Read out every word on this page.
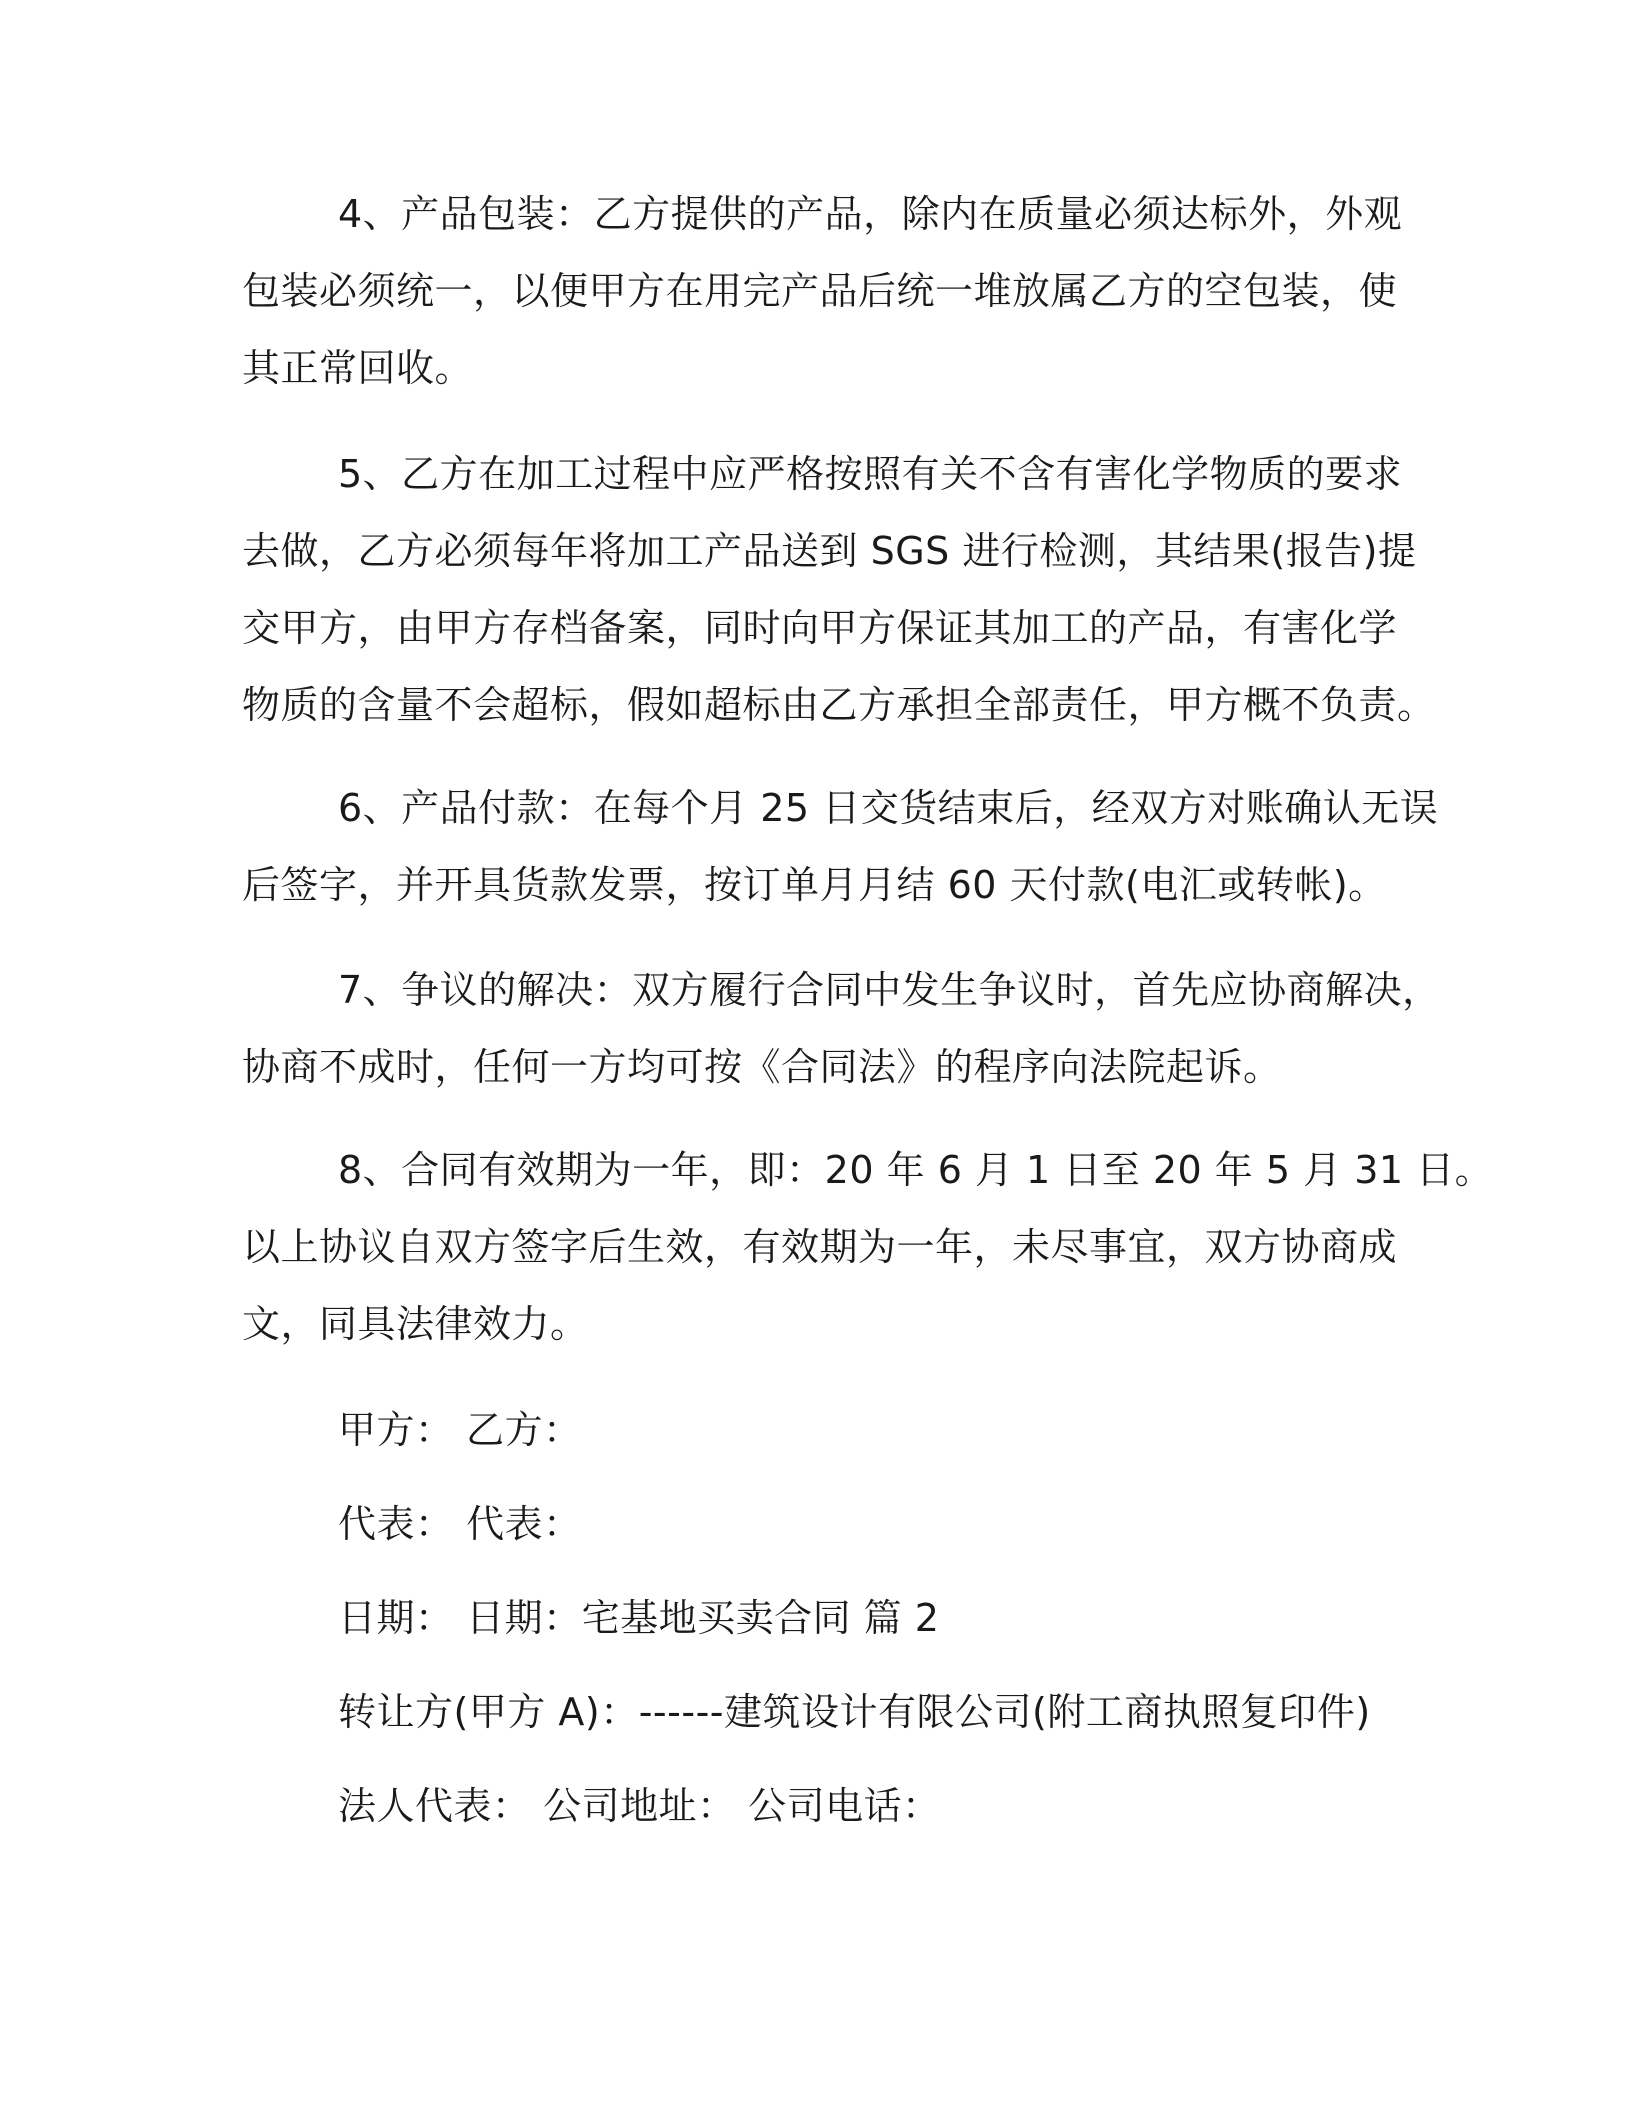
4、产品包装：乙方提供的产品，除内在质量必须达标外，外观
包装必须统一，以便甲方在用完产品后统一堆放属乙方的空包装，使
其正常回收。
5、乙方在加工过程中应严格按照有关不含有害化学物质的要求
去做，乙方必须每年将加工产品送到 SGS 进行检测，其结果(报告)提
交甲方，由甲方存档备案，同时向甲方保证其加工的产品，有害化学
物质的含量不会超标，假如超标由乙方承担全部责任，甲方概不负责。
6、产品付款：在每个月 25 日交货结束后，经双方对账确认无误
后签字，并开具货款发票，按订单月月结 60 天付款(电汇或转帐)。
7、争议的解决：双方履行合同中发生争议时，首先应协商解决，
协商不成时，任何一方均可按《合同法》的程序向法院起诉。
8、合同有效期为一年，即：20 年 6 月 1 日至 20 年 5 月 31 日。
以上协议自双方签字后生效，有效期为一年，未尽事宜，双方协商成
文，同具法律效力。
甲方： 乙方：
代表： 代表：
日期： 日期：宅基地买卖合同 篇 2
转让方(甲方 A)：------建筑设计有限公司(附工商执照复印件)
法人代表： 公司地址： 公司电话：
